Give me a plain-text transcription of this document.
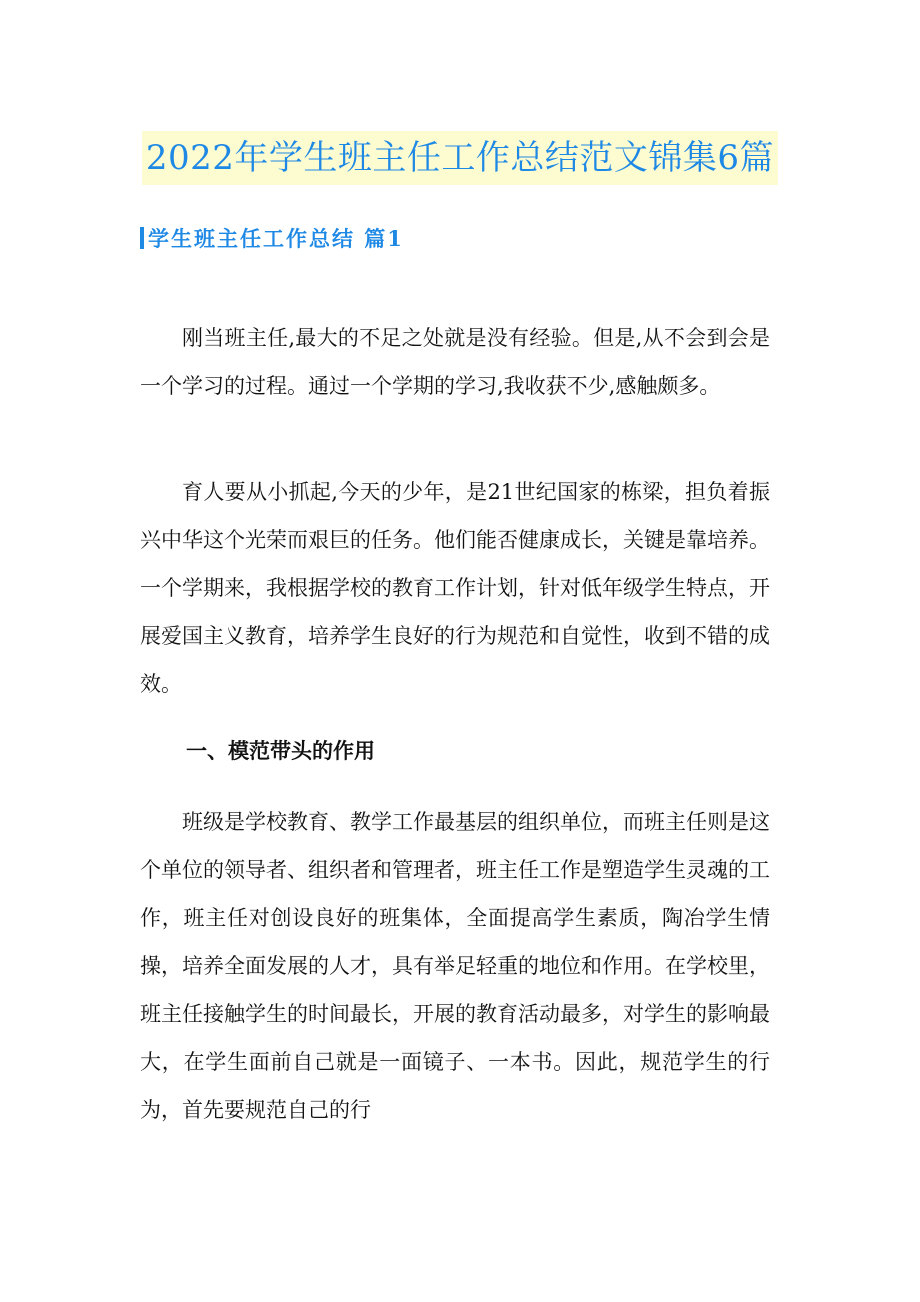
2022年学生班主任工作总结范文锦集6篇
学生班主任工作总结 篇1

刚当班主任,最大的不足之处就是没有经验。但是,从不会到会是一个学习的过程。通过一个学期的学习,我收获不少,感触颇多。

育人要从小抓起,今天的少年，是21世纪国家的栋梁，担负着振兴中华这个光荣而艰巨的任务。他们能否健康成长，关键是靠培养。一个学期来，我根据学校的教育工作计划，针对低年级学生特点，开展爱国主义教育，培养学生良好的行为规范和自觉性，收到不错的成效。

一、模范带头的作用

班级是学校教育、教学工作最基层的组织单位，而班主任则是这个单位的领导者、组织者和管理者，班主任工作是塑造学生灵魂的工作，班主任对创设良好的班集体，全面提高学生素质，陶冶学生情操，培养全面发展的人才，具有举足轻重的地位和作用。在学校里，班主任接触学生的时间最长，开展的教育活动最多，对学生的影响最大，在学生面前自己就是一面镜子、一本书。因此，规范学生的行为，首先要规范自己的行
